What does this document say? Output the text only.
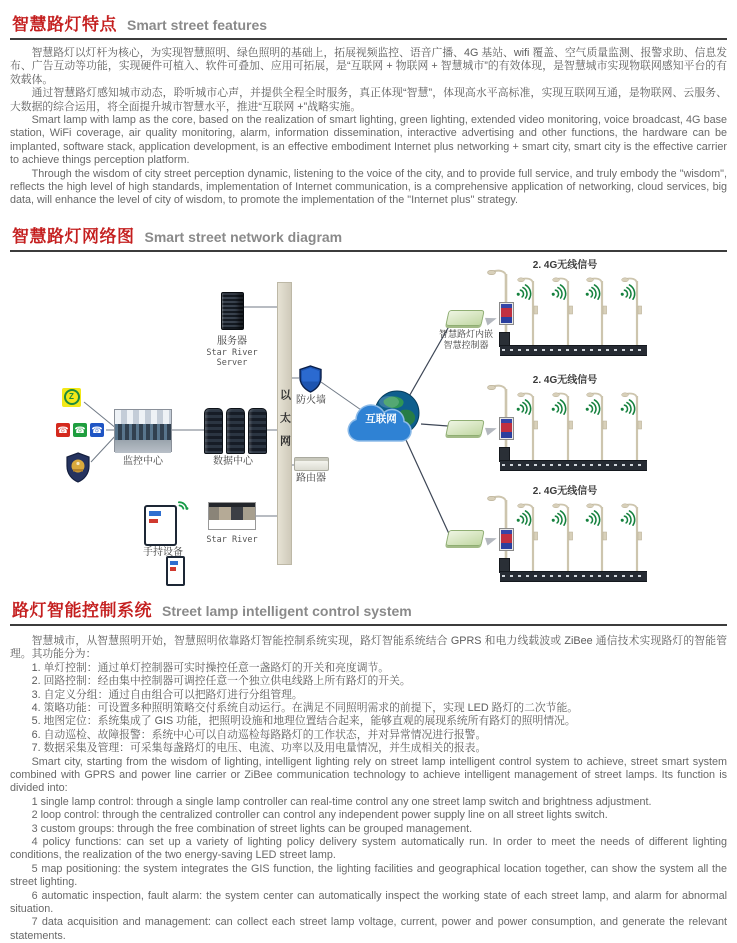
智慧路灯特点 Smart street features

智慧路灯以灯杆为核心，为实现智慧照明、绿色照明的基础上，拓展视频监控、语音广播、4G 基站、wifi 覆盖、空气质量监测、报警求助、信息发布、广告互动等功能，实现硬件可植入、软件可叠加、应用可拓展，是“互联网 + 物联网 + 智慧城市”的有效体现，是智慧城市实现物联网感知平台的有效载体。

通过智慧路灯感知城市动态，聆听城市心声，并提供全程全时服务，真正体现“智慧”，体现高水平高标准，实现互联网互通，是物联网、云服务、大数据的综合运用，将全面提升城市智慧水平，推进“互联网 +”战略实施。

Smart lamp with lamp as the core, based on the realization of smart lighting, green lighting, extended video monitoring, voice broadcast, 4G base station, WiFi coverage, air quality monitoring, alarm, information dissemination, interactive advertising and other functions, the hardware can be implanted, software stack, application development, is an effective embodiment Internet plus networking + smart city, smart city is the effective carrier to achieve things perception platform.

Through the wisdom of city street perception dynamic, listening to the voice of the city, and to provide full service, and truly embody the "wisdom", reflects the high level of high standards, implementation of Internet communication, is a comprehensive application of networking, cloud services, big data, will enhance the level of city of wisdom, to promote the implementation of the "Internet plus" strategy.

智慧路灯网络图 Smart street network diagram
服务器
Star River
Server
以太网 防火墙
互联网
路由器
监控中心	数据中心
Z
☎ ☎ ☎
手持设备
Star River
智慧路灯内嵌
智慧控制器
2. 4G无线信号
2. 4G无线信号
2. 4G无线信号
路灯智能控制系统 Street lamp intelligent control system

智慧城市，从智慧照明开始，智慧照明依靠路灯智能控制系统实现，路灯智能系统结合 GPRS 和电力线载波或 ZiBee 通信技术实现路灯的智能管理。其功能分为：

1. 单灯控制：通过单灯控制器可实时操控任意一盏路灯的开关和亮度调节。

2. 回路控制：经由集中控制器可调控任意一个独立供电线路上所有路灯的开关。

3. 自定义分组：通过自由组合可以把路灯进行分组管理。

4. 策略功能：可设置多种照明策略交付系统自动运行。在满足不同照明需求的前提下，实现 LED 路灯的二次节能。

5. 地图定位：系统集成了 GIS 功能，把照明设施和地理位置结合起来，能够直观的展现系统所有路灯的照明情况。

6. 自动巡检、故障报警：系统中心可以自动巡检每路路灯的工作状态，并对异常情况进行报警。

7. 数据采集及管理：可采集每盏路灯的电压、电流、功率以及用电量情况，并生成相关的报表。

Smart city, starting from the wisdom of lighting, intelligent lighting rely on street lamp intelligent control system to achieve, street smart system combined with GPRS and power line carrier or ZiBee communication technology to achieve intelligent management of street lamps. Its function is divided into:

1 single lamp control: through a single lamp controller can real-time control any one street lamp switch and brightness adjustment.

2 loop control: through the centralized controller can control any independent power supply line on all street lights switch.

3 custom groups: through the free combination of street lights can be grouped management.

4 policy functions: can set up a variety of lighting policy delivery system automatically run. In order to meet the needs of different lighting conditions, the realization of the two energy-saving LED street lamp.

5 map positioning: the system integrates the GIS function, the lighting facilities and geographical location together, can show the system all the street lighting.

6 automatic inspection, fault alarm: the system center can automatically inspect the working state of each street lamp, and alarm for abnormal situation.

7 data acquisition and management: can collect each street lamp voltage, current, power and power consumption, and generate the relevant statements.
